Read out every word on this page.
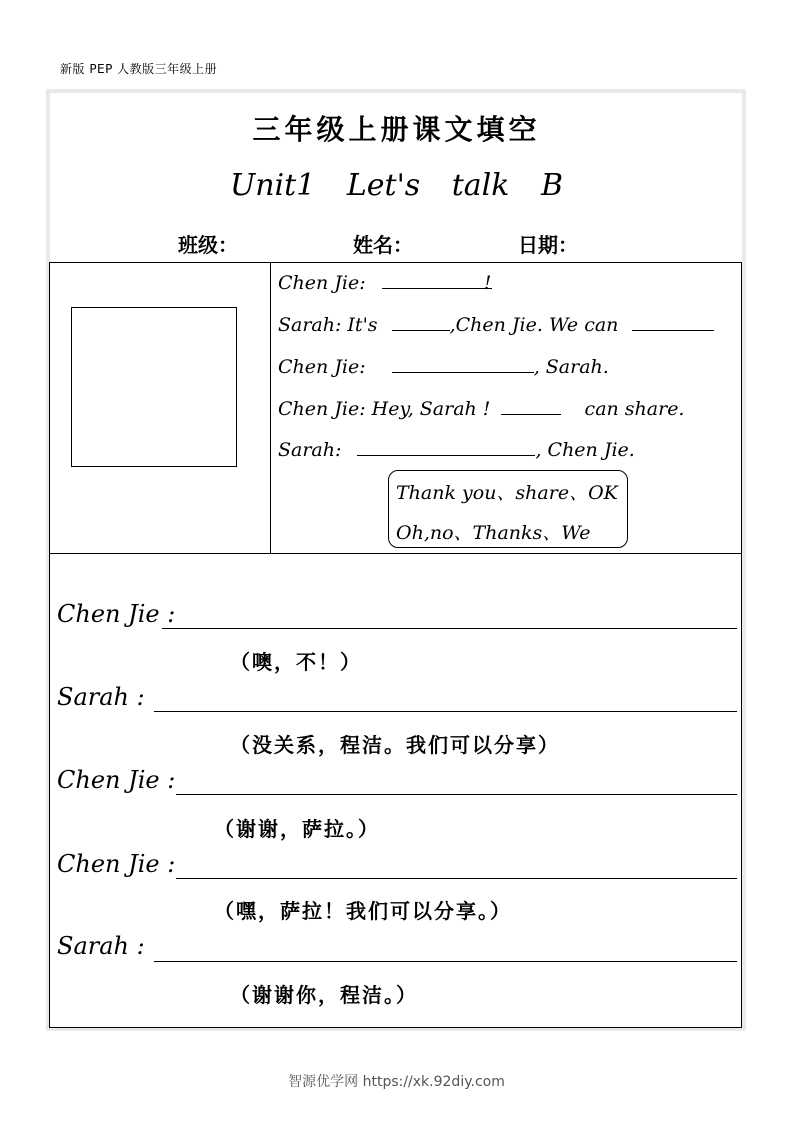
新版 PEP 人教版三年级上册
三年级上册课文填空
Unit1 Let's talk B
班级：	姓名：	日期：
Chen Jie:	!
Sarah: It's	,Chen Jie. We can
Chen Jie:	, Sarah.
Chen Jie: Hey, Sarah !	can share.
Sarah:	, Chen Jie.
Thank you、share、OK
Oh,no、Thanks、We
Chen Jie :
（噢，不！）
Sarah :
（没关系，程洁。我们可以分享）
Chen Jie :
（谢谢，萨拉。）
Chen Jie :
（嘿，萨拉！我们可以分享。）
Sarah :
（谢谢你，程洁。）
智源优学网 https://xk.92diy.com
